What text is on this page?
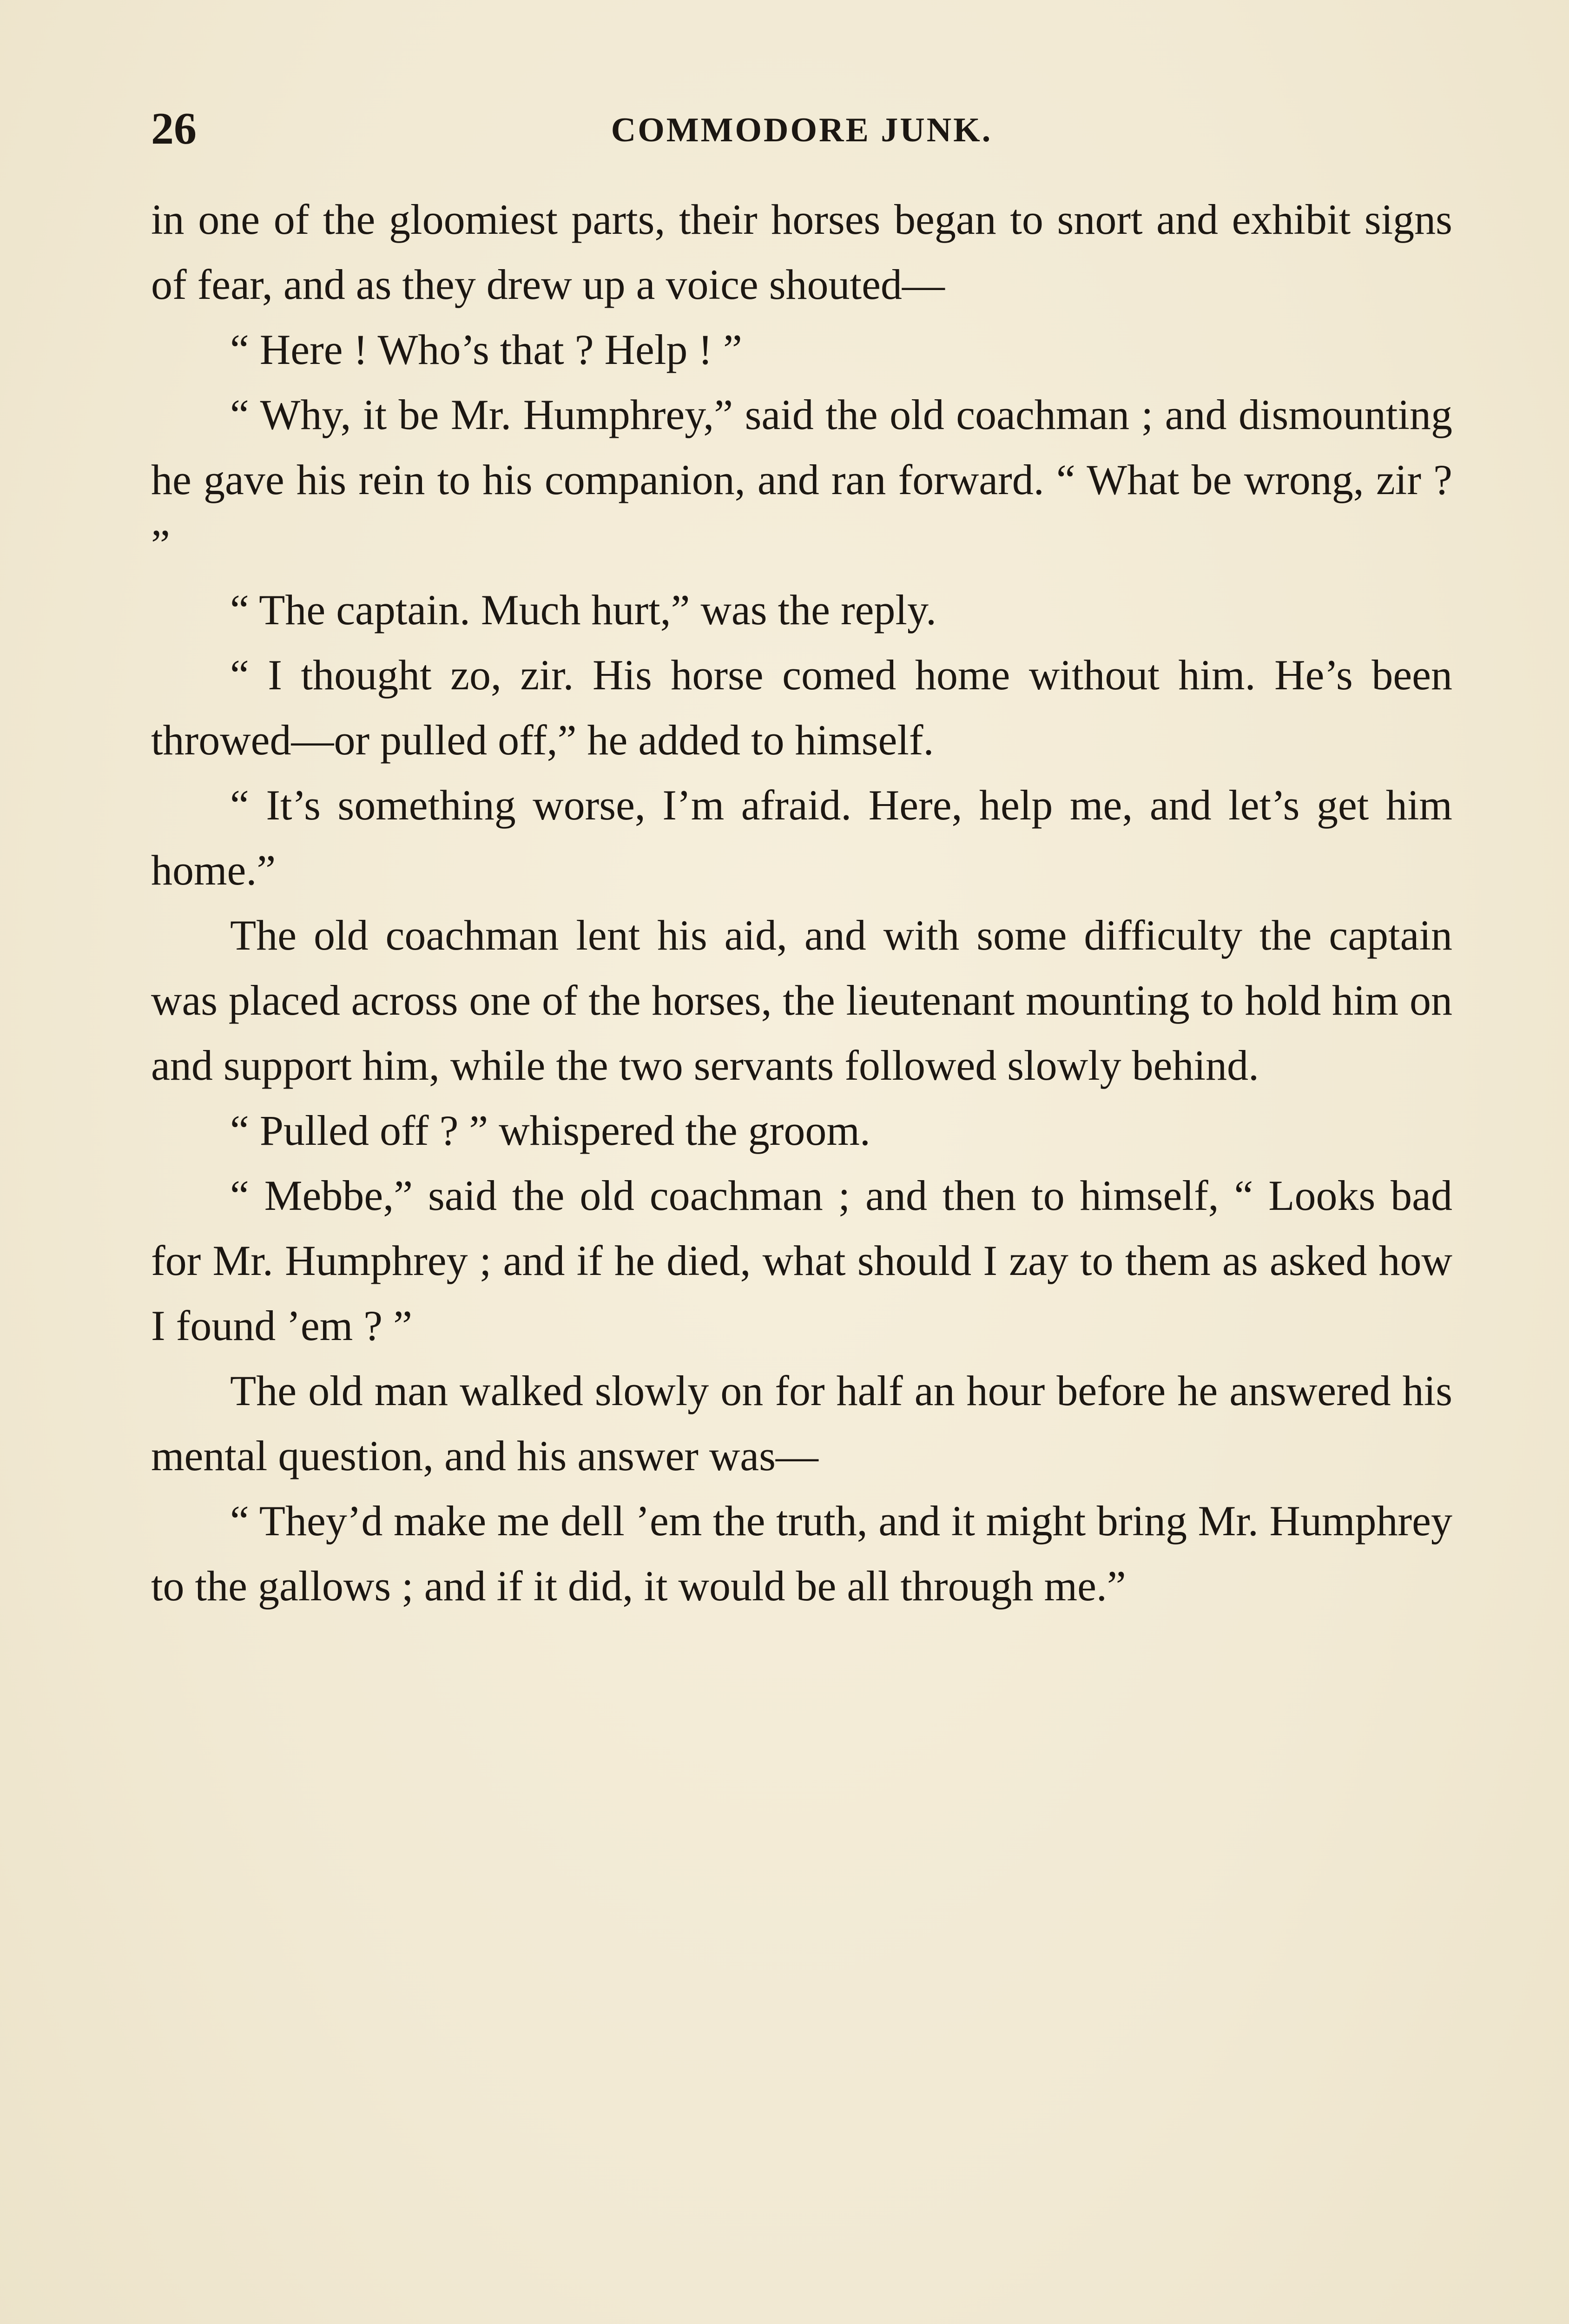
26	COMMODORE JUNK.

in one of the gloomiest parts, their horses began to snort and exhibit signs of fear, and as they drew up a voice shouted—

“ Here ! Who’s that ? Help ! ”

“ Why, it be Mr. Humphrey,” said the old coachman ; and dismounting he gave his rein to his companion, and ran forward. “ What be wrong, zir ? ”

“ The captain. Much hurt,” was the reply.

“ I thought zo, zir. His horse comed home without him. He’s been throwed—or pulled off,” he added to himself.

“ It’s something worse, I’m afraid. Here, help me, and let’s get him home.”

The old coachman lent his aid, and with some difficulty the captain was placed across one of the horses, the lieutenant mounting to hold him on and support him, while the two servants followed slowly behind.

“ Pulled off ? ” whispered the groom.

“ Mebbe,” said the old coachman ; and then to himself, “ Looks bad for Mr. Humphrey ; and if he died, what should I zay to them as asked how I found ’em ? ”

The old man walked slowly on for half an hour before he answered his mental question, and his answer was—

“ They’d make me dell ’em the truth, and it might bring Mr. Humphrey to the gallows ; and if it did, it would be all through me.”
